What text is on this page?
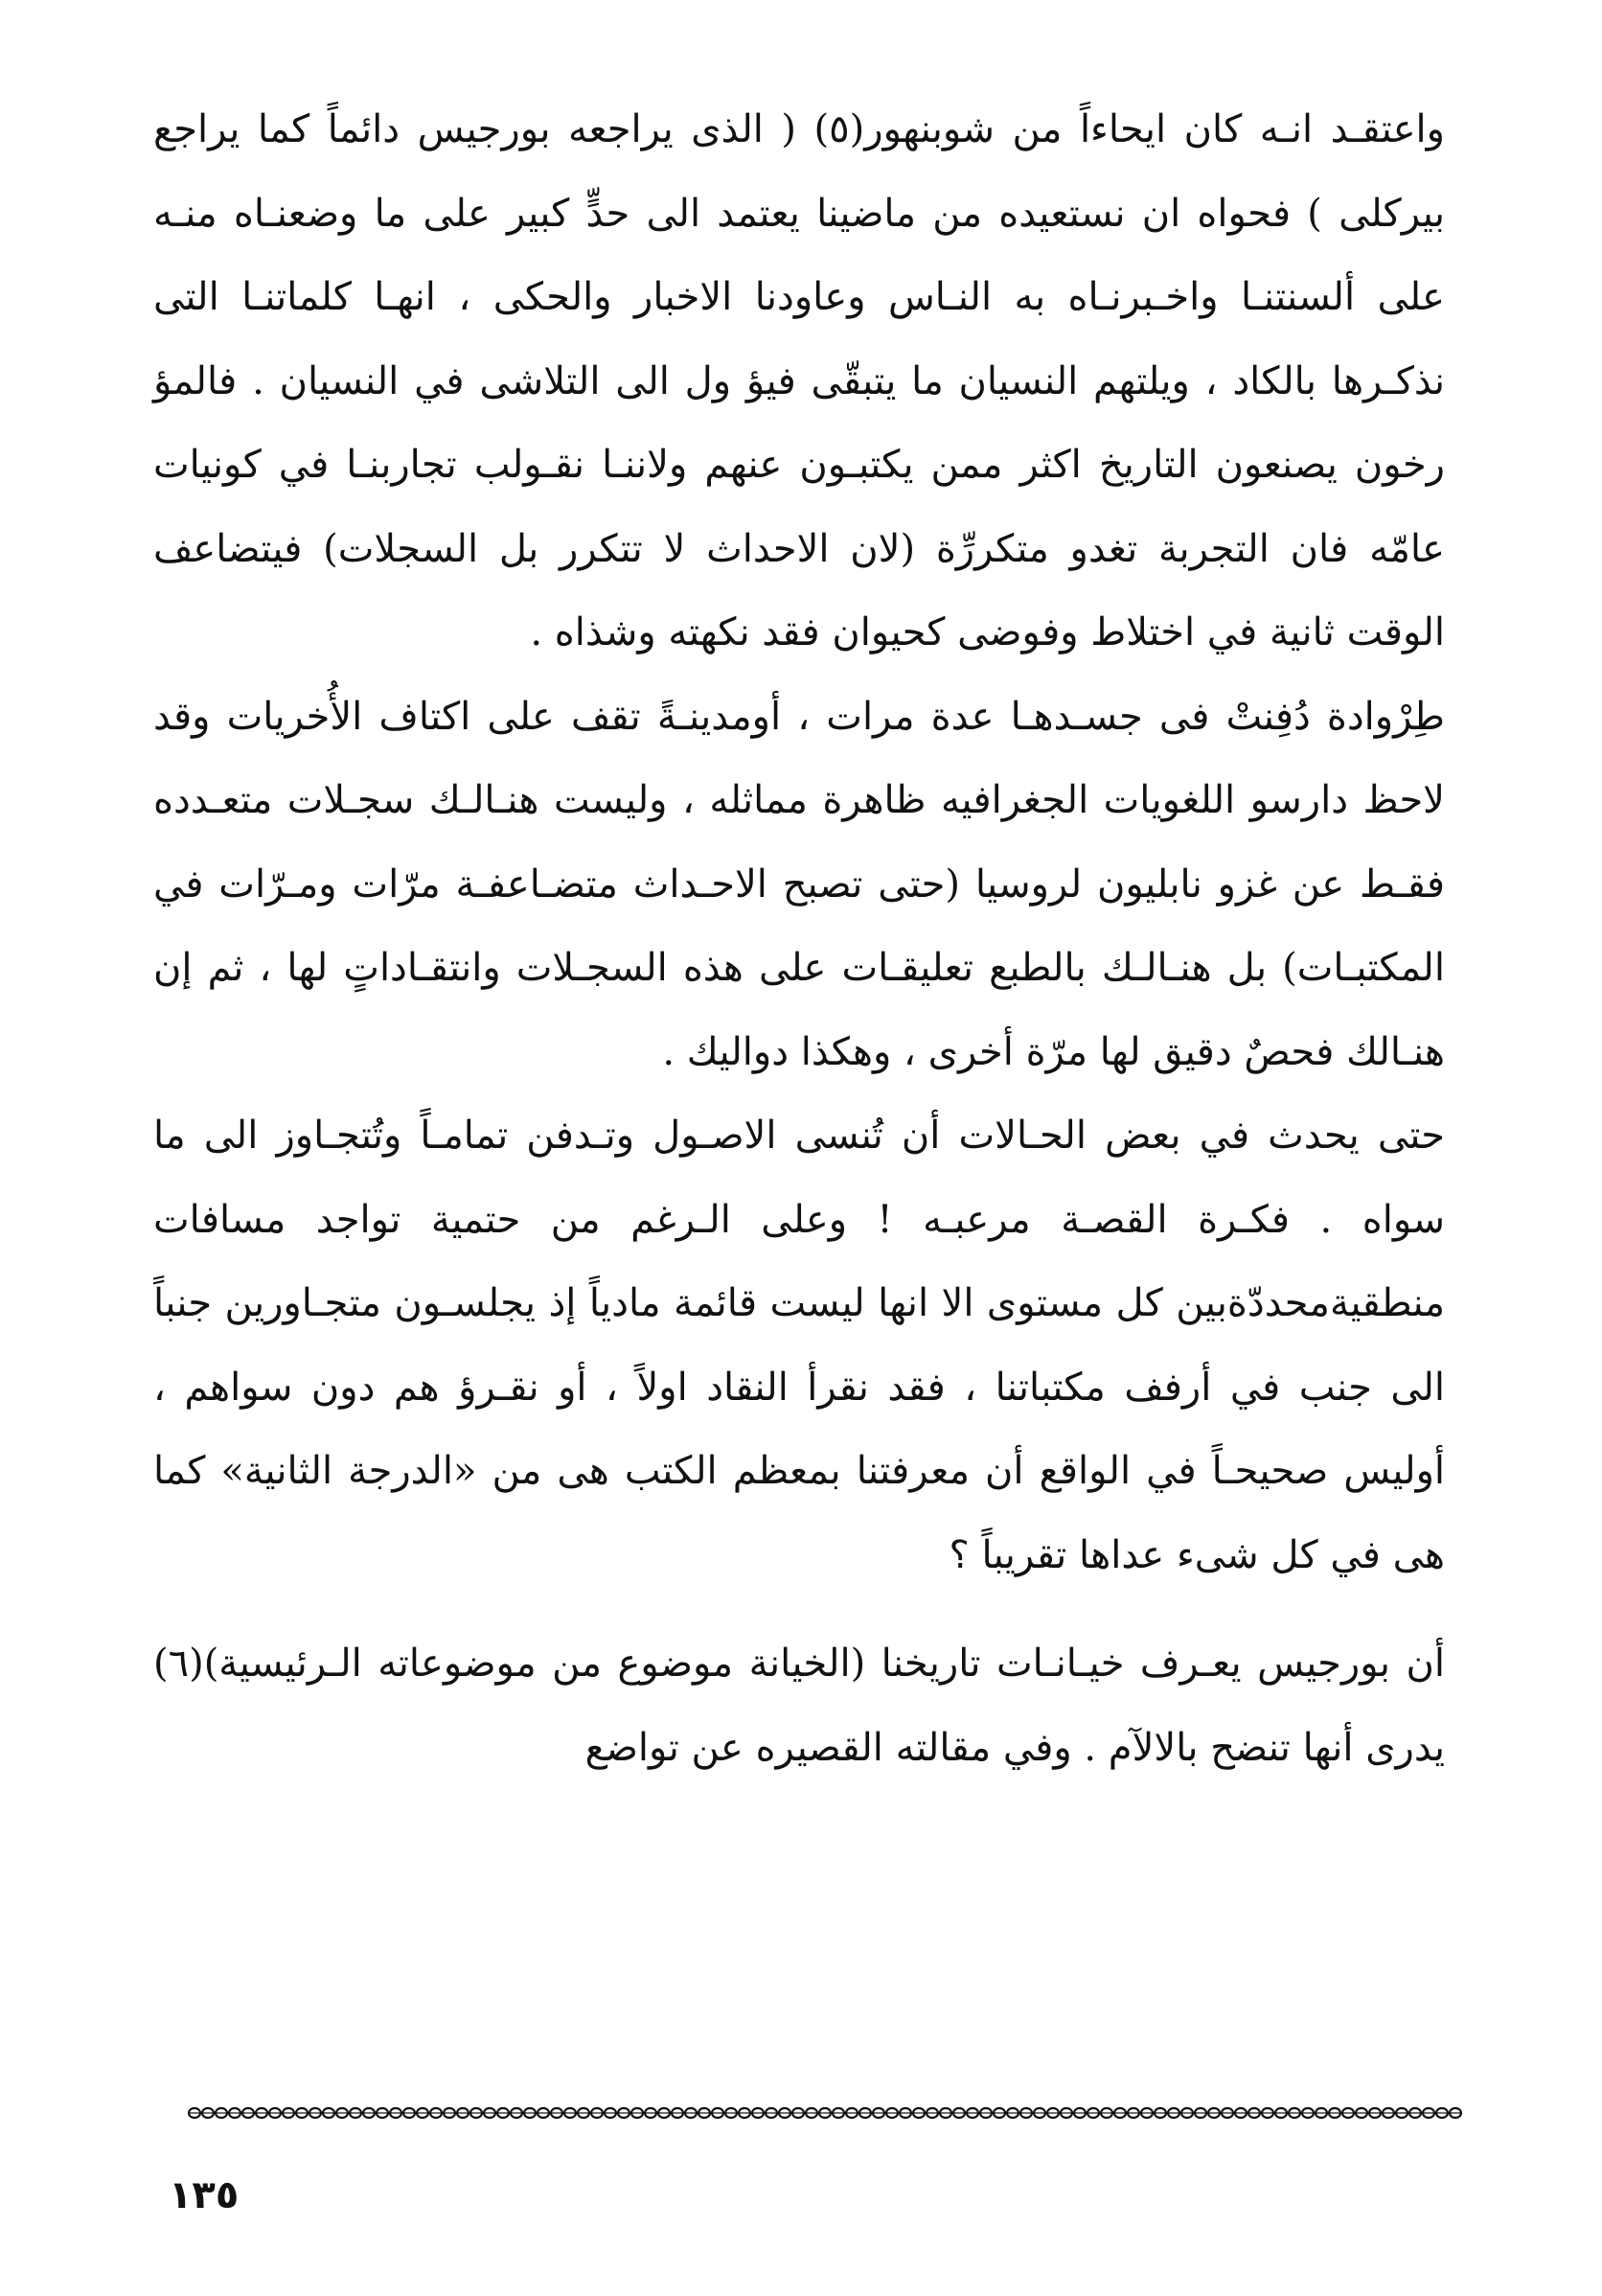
واعتقـد انـه كان ايحاءاً من شوبنهور(٥) ( الذى يراجعه بورجيس دائماً كما يراجع بيركلى ) فحواه ان نستعيده من ماضينا يعتمد الى حدٍّ كبير على ما وضعنـاه منـه على ألسنتنـا واخـبرنـاه به النـاس وعاودنا الاخبار والحكى ، انهـا كلماتنـا التى نذكـرها بالكاد ، ويلتهم النسيان ما يتبقّى فيؤ ول الى التلاشى في النسيان . فالمؤ رخون يصنعون التاريخ اكثر ممن يكتبـون عنهم ولاننـا نقـولب تجاربنـا في كونيات عامّه فان التجربة تغدو متكررِّة (لان الاحداث لا تتكرر بل السجلات) فيتضاعف الوقت ثانية في اختلاط وفوضى كحيوان فقد نكهته وشذاه .

طِرْوادة دُفِنتْ فى جسـدهـا عدة مرات ، أومدينـةً تقف على اكتاف الأُخريات وقد لاحظ دارسو اللغويات الجغرافيه ظاهرة مماثله ، وليست هنـالـك سجـلات متعـدده فقـط عن غزو نابليون لروسيا (حتى تصبح الاحـداث متضـاعفـة مرّات ومـرّات في المكتبـات) بل هنـالـك بالطبع تعليقـات على هذه السجـلات وانتقـاداتٍ لها ، ثم إن هنـالك فحصٌ دقيق لها مرّة أخرى ، وهكذا دواليك .

حتى يحدث في بعض الحـالات أن تُنسى الاصـول وتـدفن تمامـاً وتُتجـاوز الى ما سواه . فكـرة القصـة مرعبـه ! وعلى الـرغم من حتمية تواجد مسافات منطقيةمحددّةبين كل مستوى الا انها ليست قائمة مادياً إذ يجلسـون متجـاورين جنباً الى جنب في أرفف مكتباتنا ، فقد نقرأ النقاد اولاً ، أو نقـرؤ هم دون سواهم ، أوليس صحيحـاً في الواقع أن معرفتنا بمعظم الكتب هى من «الدرجة الثانية» كما هى في كل شىء عداها تقريباً ؟

أن بورجيس يعـرف خيـانـات تاريخنا (الخيانة موضوع من موضوعاته الـرئيسية)(٦) يدرى أنها تنضح بالالآم . وفي مقالته القصيره عن تواضع

١٣٥
